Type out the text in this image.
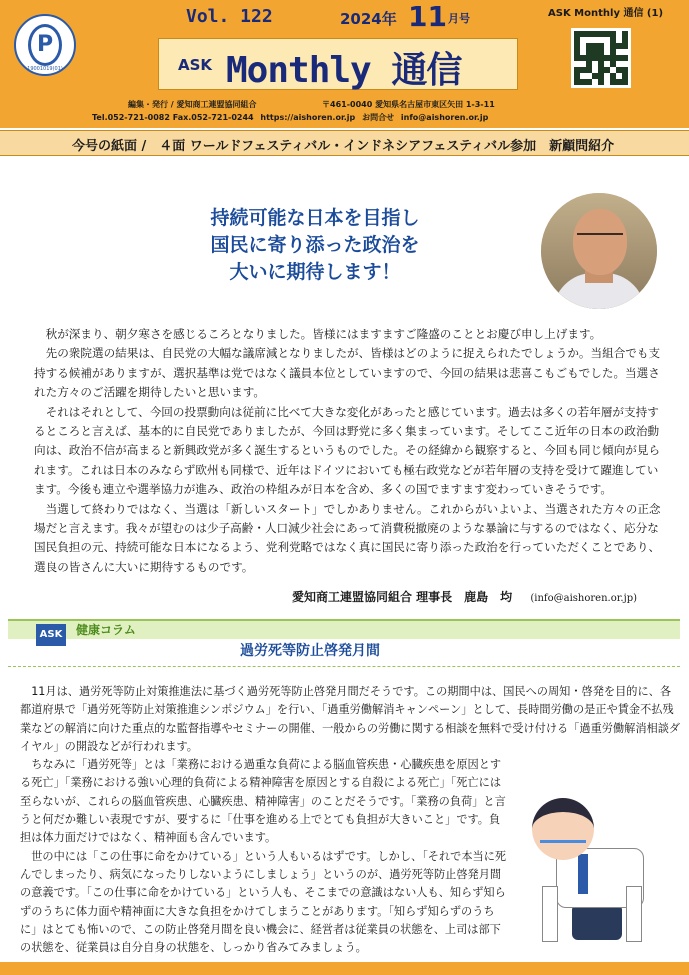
P
19001019(01)
Vol. 122	2024年 11 月号	ASK Monthly 通信 (1)
ASK Monthly 通信
編集・発行 / 愛知商工連盟協同組合	〒461-0040 愛知県名古屋市東区矢田 1-3-11
Tel.052-721-0082 Fax.052-721-0244 https://aishoren.or.jp お問合せ info@aishoren.or.jp
今号の紙面 /　４面 ワールドフェスティバル・インドネシアフェスティバル参加　新顧問紹介
持続可能な日本を目指し
国民に寄り添った政治を
大いに期待します！

秋が深まり、朝夕寒さを感じるころとなりました。皆様にはますますご隆盛のこととお慶び申し上げます。

先の衆院選の結果は、自民党の大幅な議席減となりましたが、皆様はどのように捉えられたでしょうか。当組合でも支持する候補がありますが、選択基準は党ではなく議員本位としていますので、今回の結果は悲喜こもごもでした。当選された方々のご活躍を期待したいと思います。

それはそれとして、今回の投票動向は従前に比べて大きな変化があったと感じています。過去は多くの若年層が支持するところと言えば、基本的に自民党でありましたが、今回は野党に多く集まっています。そしてここ近年の日本の政治動向は、政治不信が高まると新興政党が多く誕生するというものでした。その経緯から観察すると、今回も同じ傾向が見られます。これは日本のみならず欧州も同様で、近年はドイツにおいても極右政党などが若年層の支持を受けて躍進しています。今後も連立や選挙協力が進み、政治の枠組みが日本を含め、多くの国でますます変わっていきそうです。

当選して終わりではなく、当選は「新しいスタート」でしかありません。これからがいよいよ、当選された方々の正念場だと言えます。我々が望むのは少子高齢・人口減少社会にあって消費税撤廃のような暴論に与するのではなく、応分な国民負担の元、持続可能な日本になるよう、党利党略ではなく真に国民に寄り添った政治を行っていただくことであり、選良の皆さんに大いに期待するものです。

愛知商工連盟協同組合 理事長　鹿島　均 (info@aishoren.or.jp)
ASK	健康コラム
過労死等防止啓発月間

11月は、過労死等防止対策推進法に基づく過労死等防止啓発月間だそうです。この期間中は、国民への周知・啓発を目的に、各都道府県で「過労死等防止対策推進シンポジウム」を行い、「過重労働解消キャンペーン」として、長時間労働の是正や賃金不払残業などの解消に向けた重点的な監督指導やセミナーの開催、一般からの労働に関する相談を無料で受け付ける「過重労働解消相談ダイヤル」の開設などが行われます。

ちなみに「過労死等」とは「業務における過重な負荷による脳血管疾患・心臓疾患を原因とする死亡」「業務における強い心理的負荷による精神障害を原因とする自殺による死亡」「死亡には至らないが、これらの脳血管疾患、心臓疾患、精神障害」のことだそうです。「業務の負荷」と言うと何だか難しい表現ですが、要するに「仕事を進める上でとても負担が大きいこと」です。負担は体力面だけではなく、精神面も含んでいます。

世の中には「この仕事に命をかけている」という人もいるはずです。しかし、「それで本当に死んでしまったり、病気になったりしないようにしましょう」というのが、過労死等防止啓発月間の意義です。「この仕事に命をかけている」という人も、そこまでの意識はない人も、知らず知らずのうちに体力面や精神面に大きな負担をかけてしまうことがあります。「知らず知らずのうちに」はとても怖いので、この防止啓発月間を良い機会に、経営者は従業員の状態を、上司は部下の状態を、従業員は自分自身の状態を、しっかり省みてみましょう。
